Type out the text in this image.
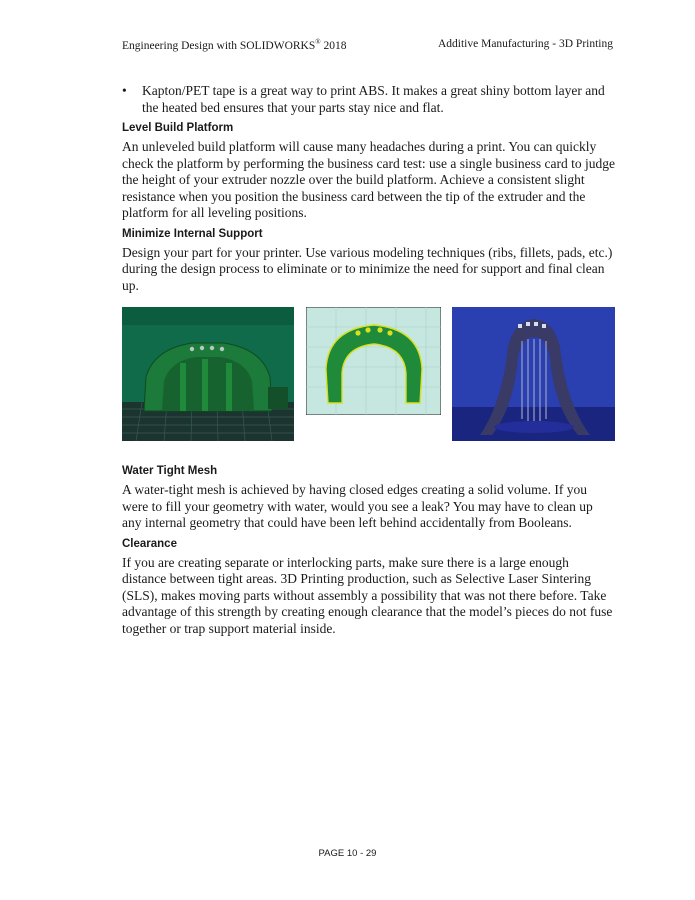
Engineering Design with SOLIDWORKS® 2018	Additive Manufacturing - 3D Printing
•	Kapton/PET tape is a great way to print ABS. It makes a great shiny bottom layer and the heated bed ensures that your parts stay nice and flat.
Level Build Platform

An unleveled build platform will cause many headaches during a print. You can quickly check the platform by performing the business card test: use a single business card to judge the height of your extruder nozzle over the build platform. Achieve a consistent slight resistance when you position the business card between the tip of the extruder and the platform for all leveling positions.

Minimize Internal Support

Design your part for your printer. Use various modeling techniques (ribs, fillets, pads, etc.) during the design process to eliminate or to minimize the need for support and final clean up.

Water Tight Mesh

A water-tight mesh is achieved by having closed edges creating a solid volume. If you were to fill your geometry with water, would you see a leak? You may have to clean up any internal geometry that could have been left behind accidentally from Booleans.

Clearance

If you are creating separate or interlocking parts, make sure there is a large enough distance between tight areas. 3D Printing production, such as Selective Laser Sintering (SLS), makes moving parts without assembly a possibility that was not there before. Take advantage of this strength by creating enough clearance that the model’s pieces do not fuse together or trap support material inside.

PAGE 10 - 29
